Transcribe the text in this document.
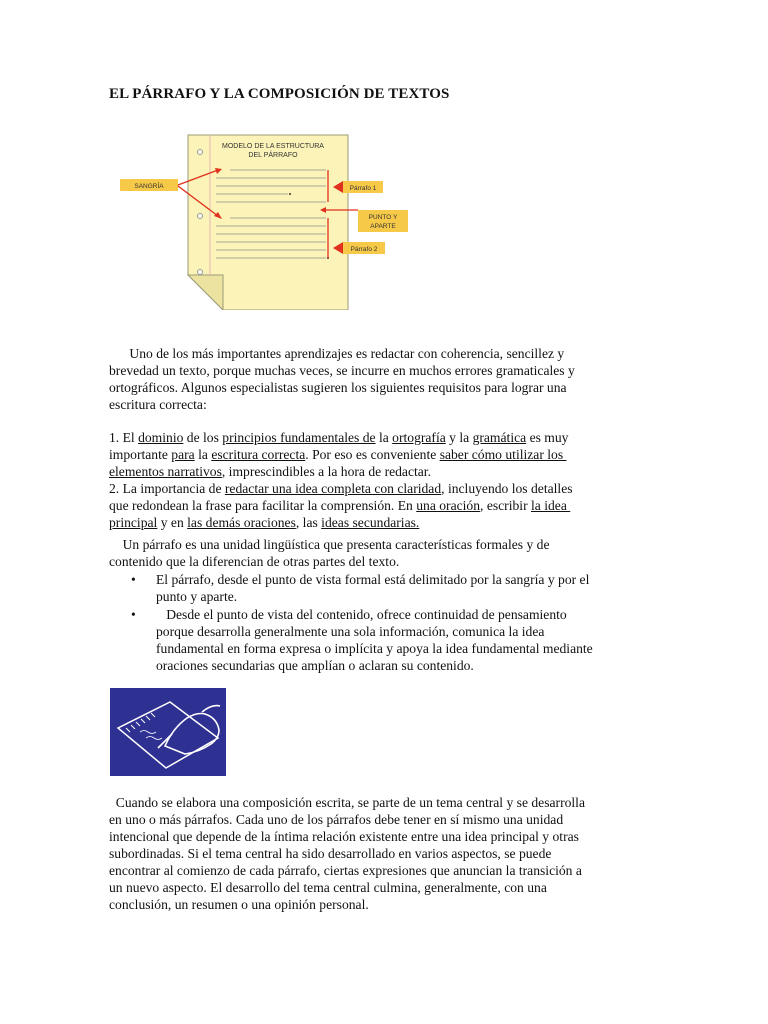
EL PÁRRAFO Y LA COMPOSICIÓN DE TEXTOS
MODELO DE LA ESTRUCTURA
DEL PÁRRAFO
SANGRÍA	Párrafo 1
PUNTO Y
APARTE
Párrafo 2

Uno de los más importantes aprendizajes es redactar con coherencia, sencillez y

brevedad un texto, porque muchas veces, se incurre en muchos errores gramaticales y

ortográficos. Algunos especialistas sugieren los siguientes requisitos para lograr una

escritura correcta:

1. El dominio de los principios fundamentales de la ortografía y la gramática es muy

importante para la escritura correcta. Por eso es conveniente saber cómo utilizar los

elementos narrativos, imprescindibles a la hora de redactar.

2. La importancia de redactar una idea completa con claridad, incluyendo los detalles

que redondean la frase para facilitar la comprensión. En una oración, escribir la idea

principal y en las demás oraciones, las ideas secundarias.

Un párrafo es una unidad lingüística que presenta características formales y de

contenido que la diferencian de otras partes del texto.

• El párrafo, desde el punto de vista formal está delimitado por la sangría y por el

punto y aparte.

• Desde el punto de vista del contenido, ofrece continuidad de pensamiento

porque desarrolla generalmente una sola información, comunica la idea

fundamental en forma expresa o implícita y apoya la idea fundamental mediante

oraciones secundarias que amplían o aclaran su contenido.

Cuando se elabora una composición escrita, se parte de un tema central y se desarrolla

en uno o más párrafos. Cada uno de los párrafos debe tener en sí mismo una unidad

intencional que depende de la íntima relación existente entre una idea principal y otras

subordinadas. Si el tema central ha sido desarrollado en varios aspectos, se puede

encontrar al comienzo de cada párrafo, ciertas expresiones que anuncian la transición a

un nuevo aspecto. El desarrollo del tema central culmina, generalmente, con una

conclusión, un resumen o una opinión personal.
